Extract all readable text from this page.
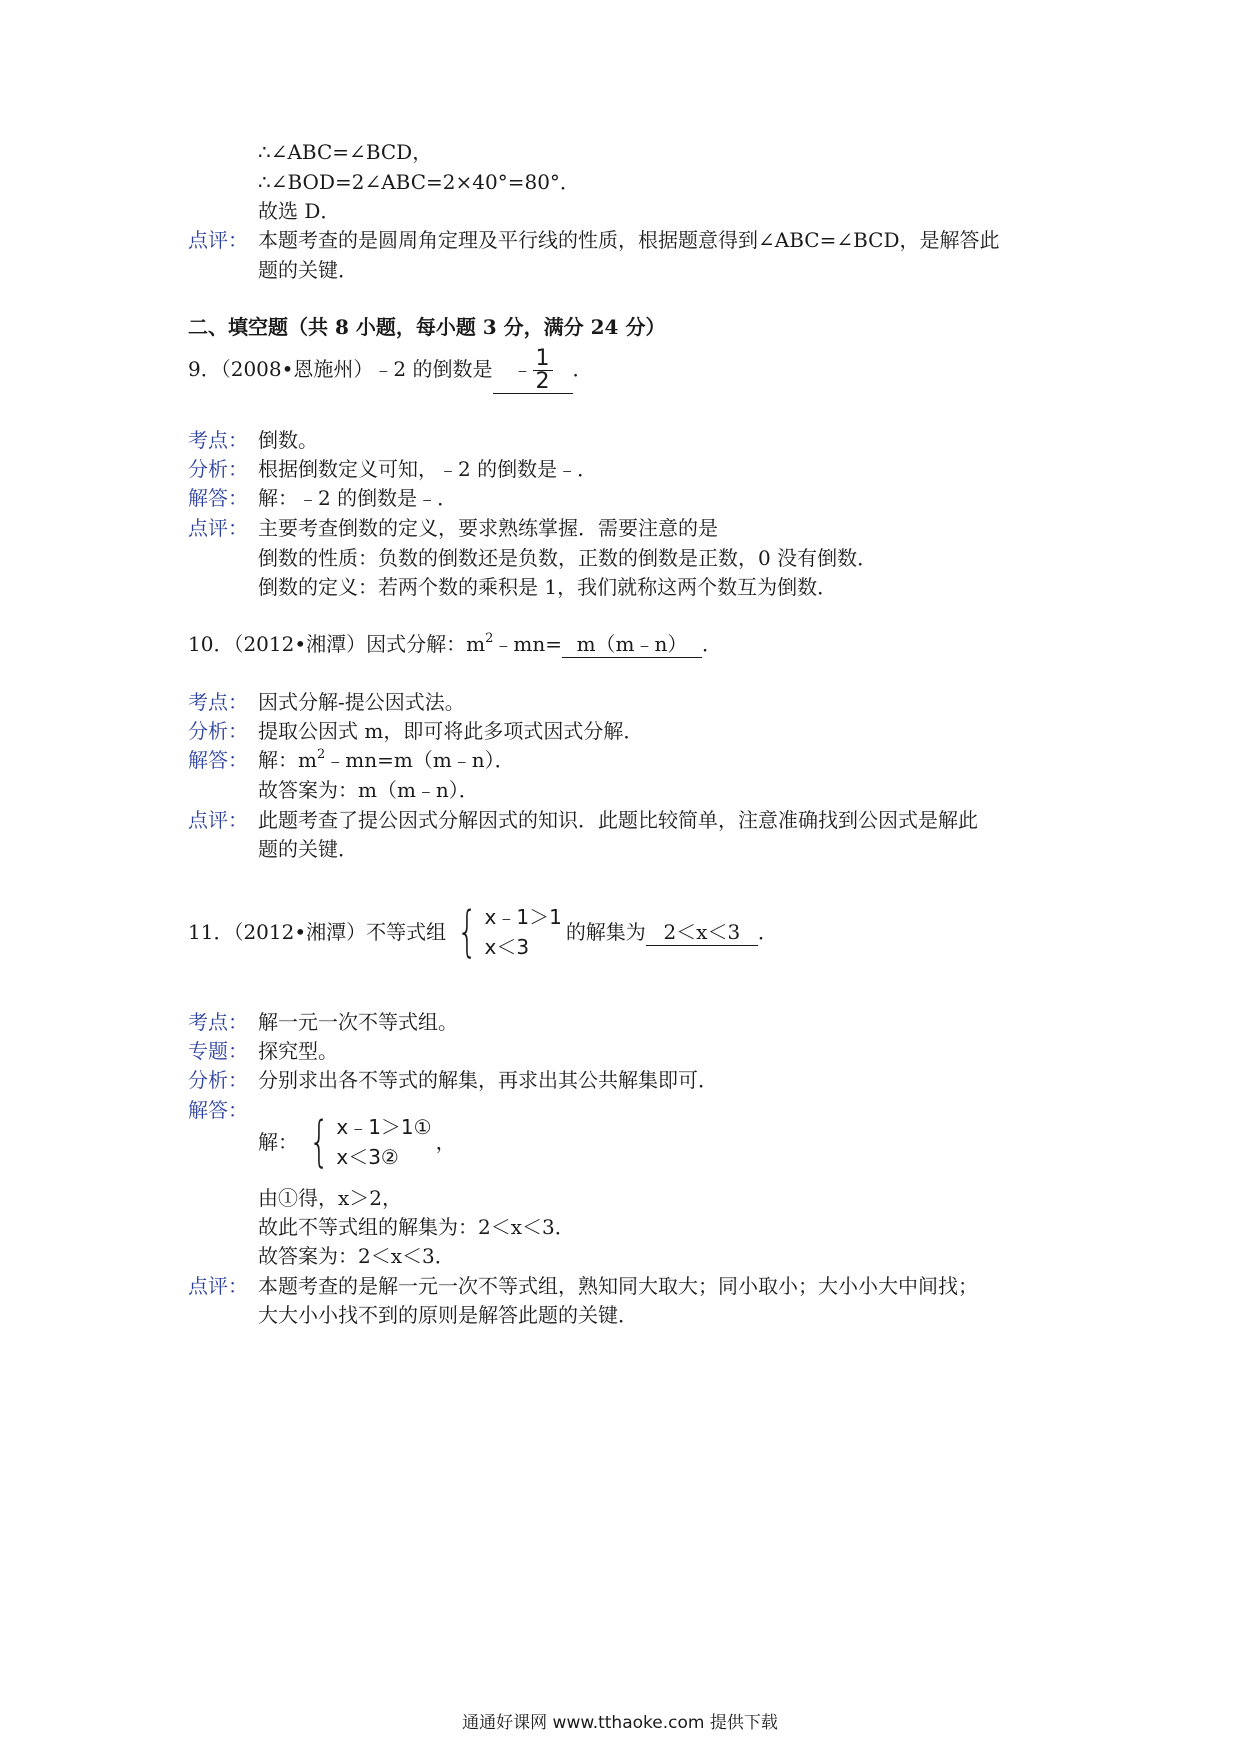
∴∠ABC=∠BCD，
∴∠BOD=2∠ABC=2×40°=80°．
故选 D．
点评： 本题考查的是圆周角定理及平行线的性质，根据题意得到∠ABC=∠BCD，是解答此
题的关键．
二、填空题（共 8 小题，每小题 3 分，满分 24 分）
9．（2008•恩施州）﹣2 的倒数是 ﹣ $\frac{1}{2}$ ．
考点： 倒数。
分析： 根据倒数定义可知，﹣2 的倒数是﹣．
解答： 解：﹣2 的倒数是﹣．
点评： 主要考查倒数的定义，要求熟练掌握．需要注意的是
倒数的性质：负数的倒数还是负数，正数的倒数是正数，0 没有倒数．
倒数的定义：若两个数的乘积是 1，我们就称这两个数互为倒数．
10．（2012•湘潭）因式分解：$m^2﹣mn=$ m（m﹣n） ．
考点： 因式分解-提公因式法。
分析： 提取公因式 m，即可将此多项式因式分解．
解答： 解：$m^2﹣mn=m(m﹣n)$．
故答案为：m（m﹣n）．
点评： 此题考查了提公因式分解因式的知识．此题比较简单，注意准确找到公因式是解此
题的关键．
11．（2012•湘潭）不等式组 { x﹣1＞1
x＜3
的解集为 2＜x＜3 ．
考点： 解一元一次不等式组。
专题： 探究型。
分析： 分别求出各不等式的解集，再求出其公共解集即可．
解答：
解： { x﹣1＞1①
x＜3②
，
由①得，x＞2，
故此不等式组的解集为：2＜x＜3．
故答案为：2＜x＜3．
点评： 本题考查的是解一元一次不等式组，熟知同大取大；同小取小；大小小大中间找；
大大小小找不到的原则是解答此题的关键．
通通好课网 www.tthaoke.com 提供下载
